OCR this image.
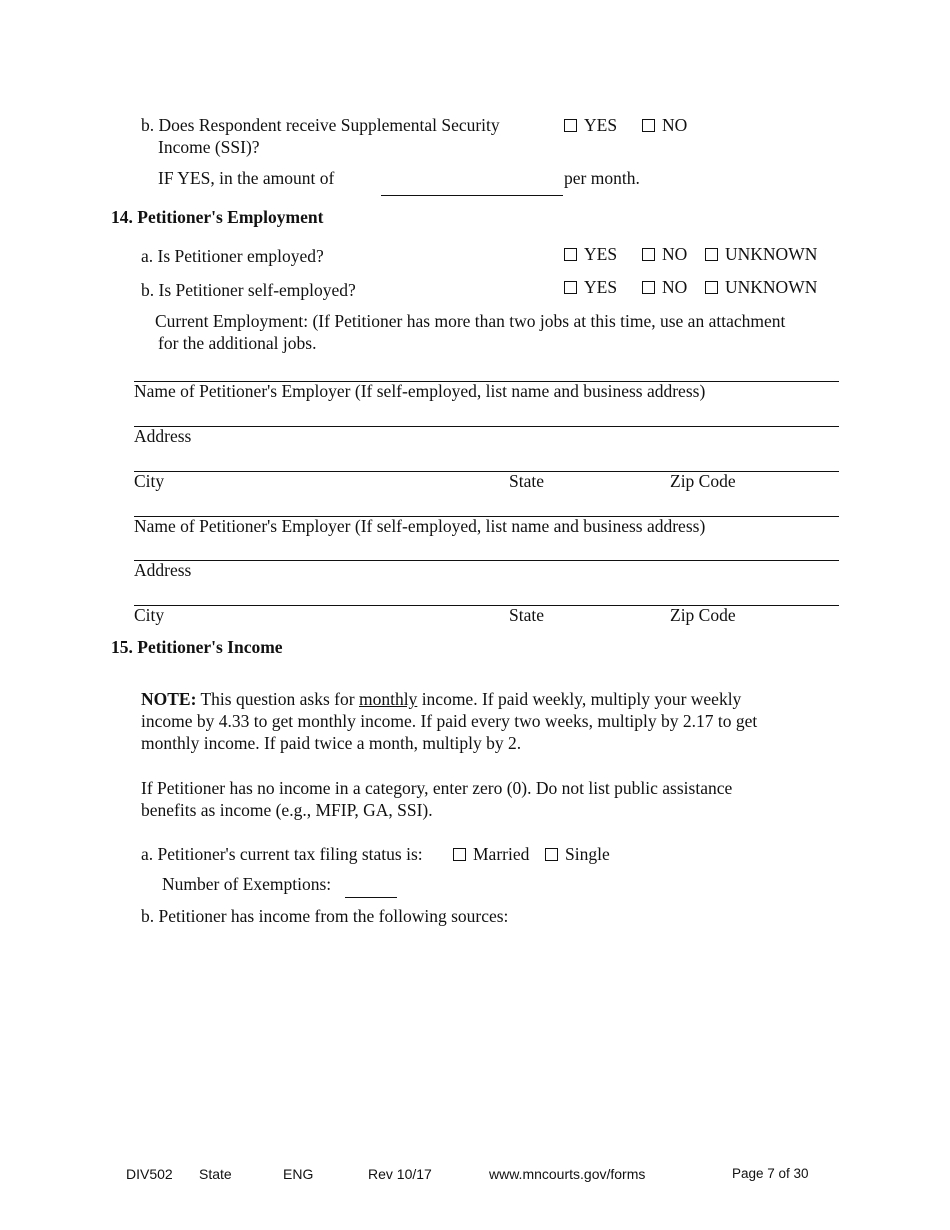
b. Does Respondent receive Supplemental Security
Income (SSI)?
YES	NO
IF YES, in the amount of	per month.
14. Petitioner's Employment
a. Is Petitioner employed?	YES	NO	UNKNOWN
b. Is Petitioner self-employed?	YES	NO	UNKNOWN
Current Employment: (If Petitioner has more than two jobs at this time, use an attachment
for the additional jobs.
Name of Petitioner's Employer (If self-employed, list name and business address)
Address
City	State	Zip Code
Name of Petitioner's Employer (If self-employed, list name and business address)
Address
City	State	Zip Code
15. Petitioner's Income
NOTE: This question asks for monthly income. If paid weekly, multiply your weekly
income by 4.33 to get monthly income. If paid every two weeks, multiply by 2.17 to get
monthly income. If paid twice a month, multiply by 2.
If Petitioner has no income in a category, enter zero (0). Do not list public assistance
benefits as income (e.g., MFIP, GA, SSI).
a. Petitioner's current tax filing status is:	Married	Single
Number of Exemptions:
b. Petitioner has income from the following sources:
DIV502 State	ENG	Rev 10/17	www.mncourts.gov/forms	Page 7 of 30
